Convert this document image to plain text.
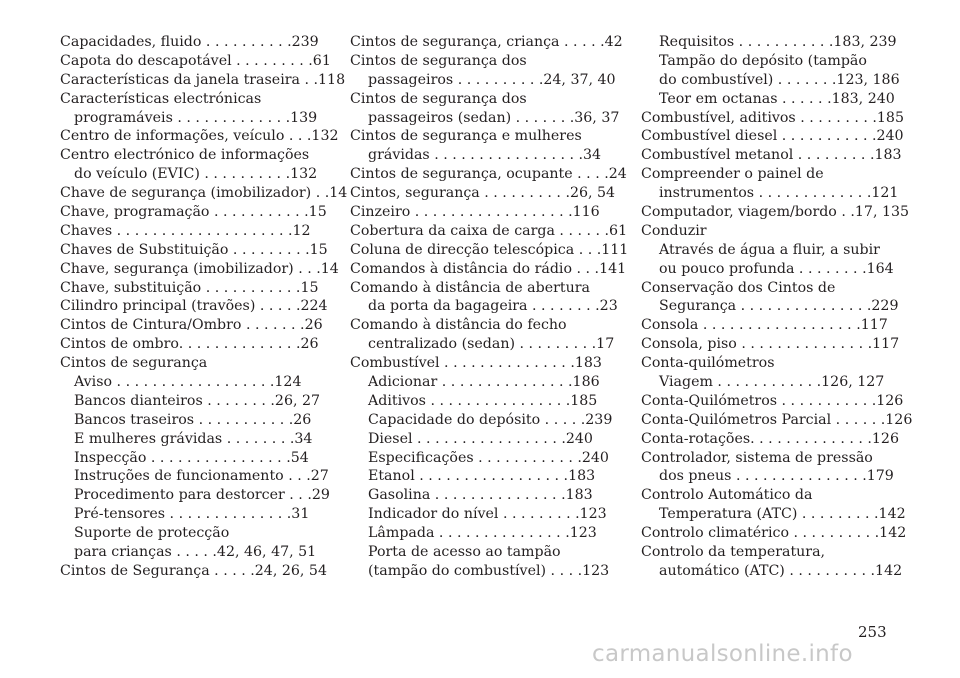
Capacidades, fluido . . . . . . . . . .239
Capota do descapotável . . . . . . . . .61
Características da janela traseira . .118
Características electrónicas
programáveis . . . . . . . . . . . . .139
Centro de informações, veículo . . .132
Centro electrónico de informações
do veículo (EVIC) . . . . . . . . . .132
Chave de segurança (imobilizador) . .14
Chave, programação . . . . . . . . . . .15
Chaves . . . . . . . . . . . . . . . . . . . .12
Chaves de Substituição . . . . . . . . .15
Chave, segurança (imobilizador) . . .14
Chave, substituição . . . . . . . . . . .15
Cilindro principal (travões) . . . . .224
Cintos de Cintura/Ombro . . . . . . .26
Cintos de ombro. . . . . . . . . . . . . .26
Cintos de segurança
Aviso . . . . . . . . . . . . . . . . . .124
Bancos dianteiros . . . . . . . .26, 27
Bancos traseiros . . . . . . . . . . .26
E mulheres grávidas . . . . . . . .34
Inspecção . . . . . . . . . . . . . . . .54
Instruções de funcionamento . . .27
Procedimento para destorcer . . .29
Pré-tensores . . . . . . . . . . . . . .31
Suporte de protecção
para crianças . . . . .42, 46, 47, 51
Cintos de Segurança . . . . .24, 26, 54
Cintos de segurança, criança . . . . .42
Cintos de segurança dos
passageiros . . . . . . . . . .24, 37, 40
Cintos de segurança dos
passageiros (sedan) . . . . . . .36, 37
Cintos de segurança e mulheres
grávidas . . . . . . . . . . . . . . . . .34
Cintos de segurança, ocupante . . . .24
Cintos, segurança . . . . . . . . . .26, 54
Cinzeiro . . . . . . . . . . . . . . . . . .116
Cobertura da caixa de carga . . . . . .61
Coluna de direcção telescópica . . .111
Comandos à distância do rádio . . .141
Comando à distância de abertura
da porta da bagageira . . . . . . . .23
Comando à distância do fecho
centralizado (sedan) . . . . . . . . .17
Combustível . . . . . . . . . . . . . . .183
Adicionar . . . . . . . . . . . . . . .186
Aditivos . . . . . . . . . . . . . . . .185
Capacidade do depósito . . . . .239
Diesel . . . . . . . . . . . . . . . . .240
Especificações . . . . . . . . . . . .240
Etanol . . . . . . . . . . . . . . . . .183
Gasolina . . . . . . . . . . . . . . .183
Indicador do nível . . . . . . . . .123
Lâmpada . . . . . . . . . . . . . . .123
Porta de acesso ao tampão
(tampão do combustível) . . . .123
Requisitos . . . . . . . . . . .183, 239
Tampão do depósito (tampão
do combustível) . . . . . . .123, 186
Teor em octanas . . . . . .183, 240
Combustível, aditivos . . . . . . . . .185
Combustível diesel . . . . . . . . . . .240
Combustível metanol . . . . . . . . .183
Compreender o painel de
instrumentos . . . . . . . . . . . . .121
Computador, viagem/bordo . .17, 135
Conduzir
Através de água a fluir, a subir
ou pouco profunda . . . . . . . .164
Conservação dos Cintos de
Segurança . . . . . . . . . . . . . . .229
Consola . . . . . . . . . . . . . . . . . .117
Consola, piso . . . . . . . . . . . . . . .117
Conta-quilómetros
Viagem . . . . . . . . . . . .126, 127
Conta-Quilómetros . . . . . . . . . . .126
Conta-Quilómetros Parcial . . . . . .126
Conta-rotações. . . . . . . . . . . . . .126
Controlador, sistema de pressão
dos pneus . . . . . . . . . . . . . . .179
Controlo Automático da
Temperatura (ATC) . . . . . . . . .142
Controlo climatérico . . . . . . . . . .142
Controlo da temperatura,
automático (ATC) . . . . . . . . . .142
253
carmanualsonline.info
